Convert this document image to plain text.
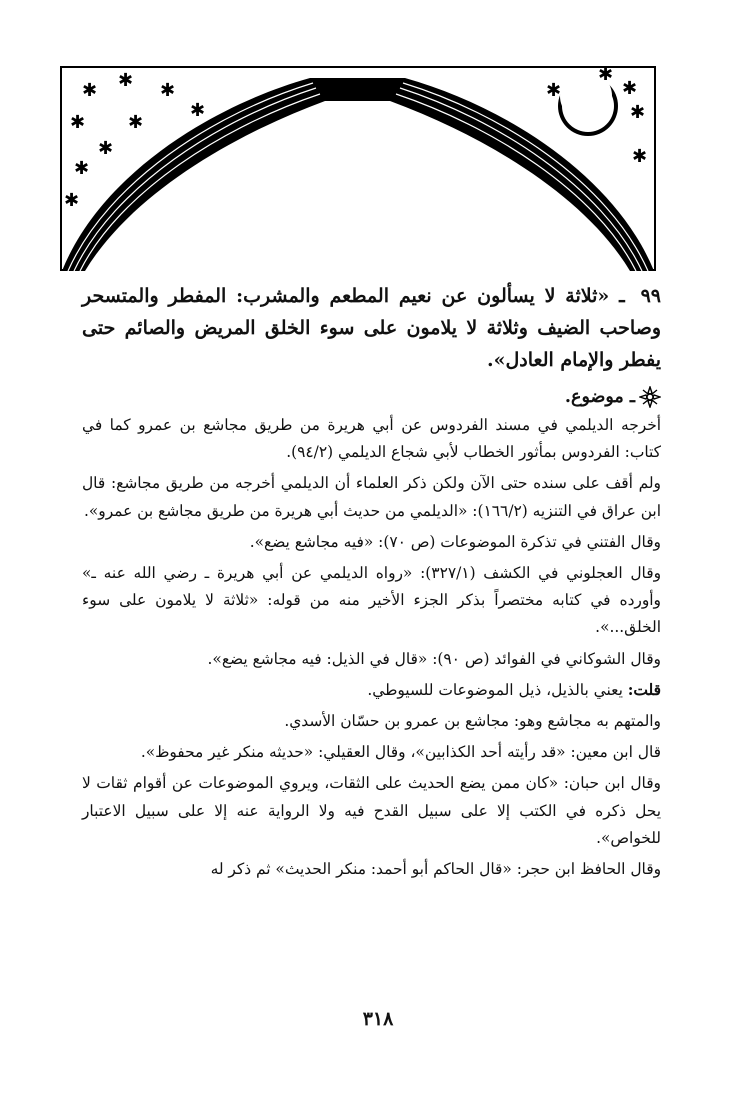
✱ ✱ ✱
✱
✱ ✱
✱
✱
✱
✱
✱
✱
✱
✱

٩٩ ـ «ثلاثة لا يسألون عن نعيم المطعم والمشرب: المفطر والمتسحر وصاحب الضيف وثلاثة لا يلامون على سوء الخلق المريض والصائم حتى يفطر والإمام العادل».

ـ موضوع.

أخرجه الديلمي في مسند الفردوس عن أبي هريرة من طريق مجاشع بن عمرو كما في كتاب: الفردوس بمأثور الخطاب لأبي شجاع الديلمي (٩٤/٢).

ولم أقف على سنده حتى الآن ولكن ذكر العلماء أن الديلمي أخرجه من طريق مجاشع: قال ابن عراق في التنزيه (١٦٦/٢): «الديلمي من حديث أبي هريرة من طريق مجاشع بن عمرو».

وقال الفتني في تذكرة الموضوعات (ص ٧٠): «فيه مجاشع يضع».

وقال العجلوني في الكشف (٣٢٧/١): «رواه الديلمي عن أبي هريرة ـ رضي الله عنه ـ» وأورده في كتابه مختصراً بذكر الجزء الأخير منه من قوله: «ثلاثة لا يلامون على سوء الخلق...».

وقال الشوكاني في الفوائد (ص ٩٠): «قال في الذيل: فيه مجاشع يضع».

قلت: يعني بالذيل، ذيل الموضوعات للسيوطي.

والمتهم به مجاشع وهو: مجاشع بن عمرو بن حسّان الأسدي.

قال ابن معين: «قد رأيته أحد الكذابين»، وقال العقيلي: «حديثه منكر غير محفوظ».

وقال ابن حبان: «كان ممن يضع الحديث على الثقات، ويروي الموضوعات عن أقوام ثقات لا يحل ذكره في الكتب إلا على سبيل القدح فيه ولا الرواية عنه إلا على سبيل الاعتبار للخواص».

وقال الحافظ ابن حجر: «قال الحاكم أبو أحمد: منكر الحديث» ثم ذكر له

٣١٨
